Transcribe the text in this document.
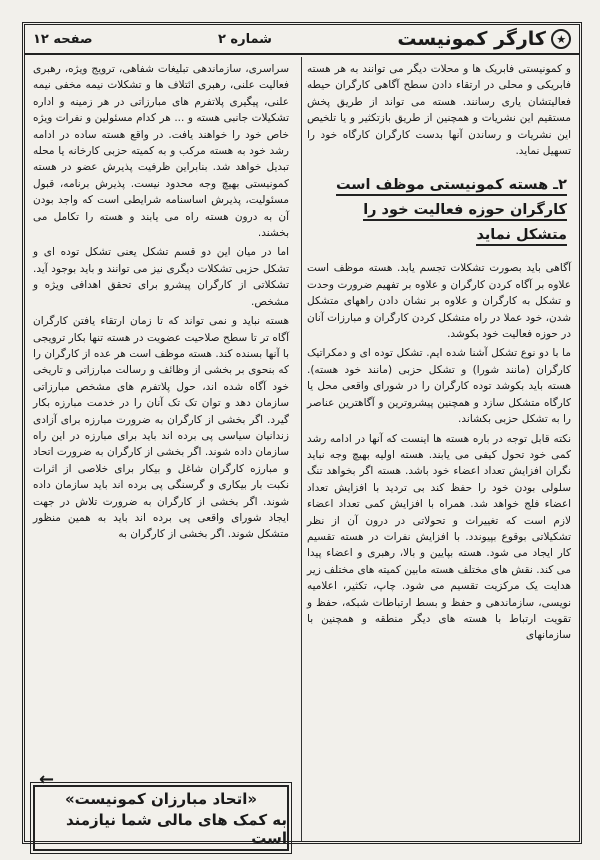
★
کارگر کمونیست
شماره ۲
صفحه ۱۲

و کمونیستی فابریک ها و محلات دیگر می توانند به هر هسته فابریکی و محلی در ارتقاء دادن سطح آگاهی کارگران حیطه فعالیتشان یاری رسانند. هسته می تواند از طریق پخش مستقیم این نشریات و همچنین از طریق بازتکثیر و یا تلخیص این نشریات و رساندن آنها بدست کارگران کارگاه خود را تسهیل نماید.

۲ـ هسته کمونیستی موظف است کارگران حوزه فعالیت خود را متشکل نماید

آگاهی باید بصورت تشکلات تجسم یابد. هسته موظف است علاوه بر آگاه کردن کارگران و علاوه بر تفهیم ضرورت وحدت و تشکل به کارگران و علاوه بر نشان دادن راههای متشکل شدن، خود عملا در راه متشکل کردن کارگران و مبارزات آنان در حوزه فعالیت خود بکوشد.

ما با دو نوع تشکل آشنا شده ایم. تشکل توده ای و دمکراتیک کارگران (مانند شورا) و تشکل حزبی (مانند خود هسته). هسته باید بکوشد توده کارگران را در شورای واقعی محل یا کارگاه متشکل سازد و همچنین پیشروترین و آگاهترین عناصر را به تشکل حزبی بکشاند.

نکته قابل توجه در باره هسته ها اینست که آنها در ادامه رشد کمی خود تحول کیفی می یابند. هسته اولیه بهیچ وجه نباید نگران افزایش تعداد اعضاء خود باشد. هسته اگر بخواهد تنگ سلولی بودن خود را حفظ کند بی تردید با افزایش تعداد اعضاء فلج خواهد شد. همراه با افزایش کمی تعداد اعضاء لازم است که تغییرات و تحولاتی در درون آن از نظر تشکیلاتی بوقوع بپیوندد. با افزایش نفرات در هسته تقسیم کار ایجاد می شود. هسته بپایین و بالا، رهبری و اعضاء پیدا می کند. نقش های مختلف هسته مابین کمیته های مختلف زیر هدایت یک مرکزیت تقسیم می شود. چاپ، تکثیر، اعلامیه نویسی، سازماندهی و حفظ و بسط ارتباطات شبکه، حفظ و تقویت ارتباط با هسته های دیگر منطقه و همچنین با سازمانهای

سراسری، سازماندهی تبلیغات شفاهی، ترویج ویژه، رهبری فعالیت علنی، رهبری ائتلاف ها و تشکلات نیمه مخفی نیمه علنی، پیگیری پلاتفرم های مبارزاتی در هر زمینه و اداره تشکیلات جانبی هسته و ... هر کدام مسئولین و نفرات ویژه خاص خود را خواهند یافت. در واقع هسته ساده در ادامه رشد خود به هسته مرکب و به کمیته حزبی کارخانه یا محله تبدیل خواهد شد. بنابراین ظرفیت پذیرش عضو در هسته کمونیستی بهیچ وجه محدود نیست. پذیرش برنامه، قبول مسئولیت، پذیرش اساسنامه شرایطی است که واجد بودن آن به درون هسته راه می یابند و هسته را تکامل می بخشند.

اما در میان این دو قسم تشکل یعنی تشکل توده ای و تشکل حزبی تشکلات دیگری نیز می توانند و باید بوجود آید. تشکلاتی از کارگران پیشرو برای تحقق اهدافی ویژه و مشخص.

هسته نباید و نمی تواند که تا زمان ارتقاء یافتن کارگران آگاه تر تا سطح صلاحیت عضویت در هسته تنها بکار ترویجی با آنها بسنده کند. هسته موظف است هر عده از کارگران را که بنحوی بر بخشی از وظائف و رسالت مبارزاتی و تاریخی خود آگاه شده اند، حول پلاتفرم های مشخص مبارزاتی سازمان دهد و توان تک تک آنان را در خدمت مبارزه بکار گیرد. اگر بخشی از کارگران به ضرورت مبارزه برای آزادی زندانیان سیاسی پی برده اند باید برای مبارزه در این راه سازمان داده شوند. اگر بخشی از کارگران به ضرورت اتحاد و مبارزه کارگران شاغل و بیکار برای خلاصی از اثرات نکبت بار بیکاری و گرسنگی پی برده اند باید سازمان داده شوند. اگر بخشی از کارگران به ضرورت تلاش در جهت ایجاد شورای واقعی پی برده اند باید به همین منظور متشکل شوند. اگر بخشی از کارگران به

←
«اتحاد مبارزان کمونیست»
به کمک های مالی شما نیازمند است
